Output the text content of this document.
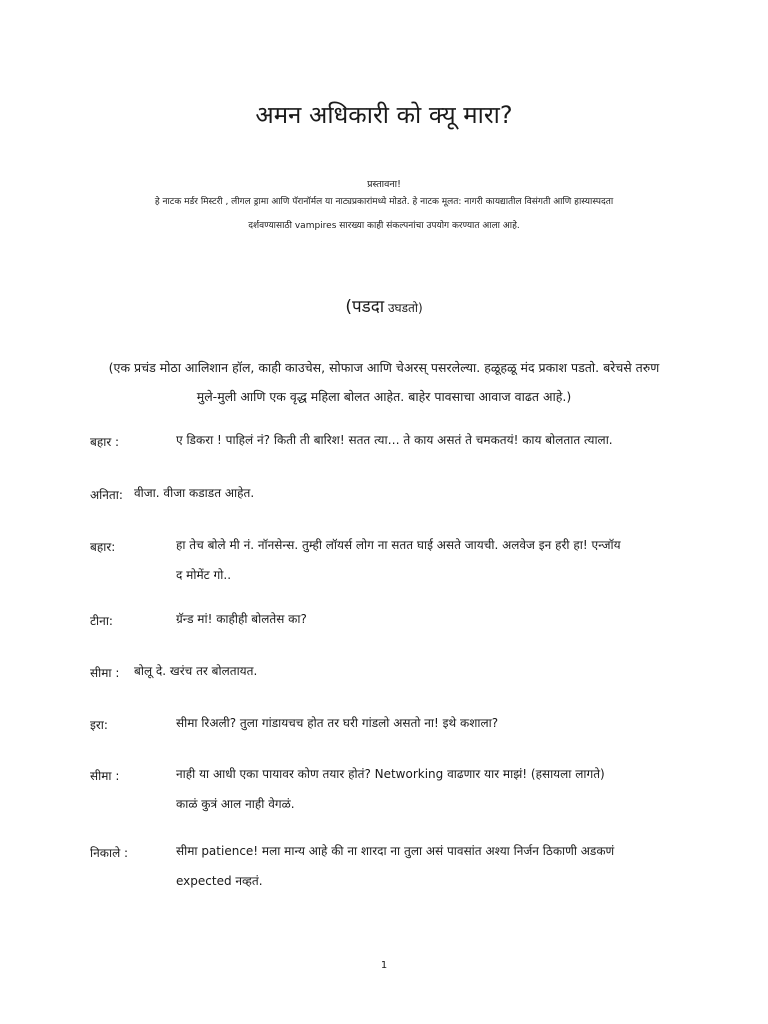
अमन अधिकारी को क्यू मारा?
प्रस्तावना!
हे नाटक मर्डर मिस्टरी , लीगल ड्रामा आणि पॅरानॉर्मल या नाट्यप्रकारांमध्ये मोडते. हे नाटक मूलत: नागरी कायद्यातील विसंगती आणि हास्यास्पदता
दर्शवण्यासाठी vampires सारख्या काही संकल्पनांचा उपयोग करण्यात आला आहे.
(पडदा उघडतो)
(एक प्रचंड मोठा आलिशान हॉल, काही काउचेस, सोफाज आणि चेअरस् पसरलेल्या. हळूहळू मंद प्रकाश पडतो. बरेचसे तरुण
मुले-मुली आणि एक वृद्ध महिला बोलत आहेत. बाहेर पावसाचा आवाज वाढत आहे.)
बहार :	ए डिकरा ! पाहिलं नं? किती ती बारिश! सतत त्या… ते काय असतं ते चमकतयं! काय बोलतात त्याला.
अनिता: वीजा. वीजा कडाडत आहेत.
बहार:	हा तेच बोले मी नं. नॉनसेन्स. तुम्ही लॉयर्स लोग ना सतत घाई असते जायची. अलवेज इन हरी हा! एन्जॉय
द मोमेंट गो..
टीना:	ग्रॅन्ड मां! काहीही बोलतेस का?
सीमा : बोलू दे. खरंच तर बोलतायत.
इरा:	सीमा रिअली? तुला गांडायचच होत तर घरी गांडलो असतो ना! इथे कशाला?
सीमा :	नाही या आधी एका पायावर कोण तयार होतं? Networking वाढणार यार माझं! (हसायला लागते)
काळं कुत्रं आल नाही वेगळं.
निकाले :	सीमा patience! मला मान्य आहे की ना शारदा ना तुला असं पावसांत अश्या निर्जन ठिकाणी अडकणं
expected नव्हतं.
1
